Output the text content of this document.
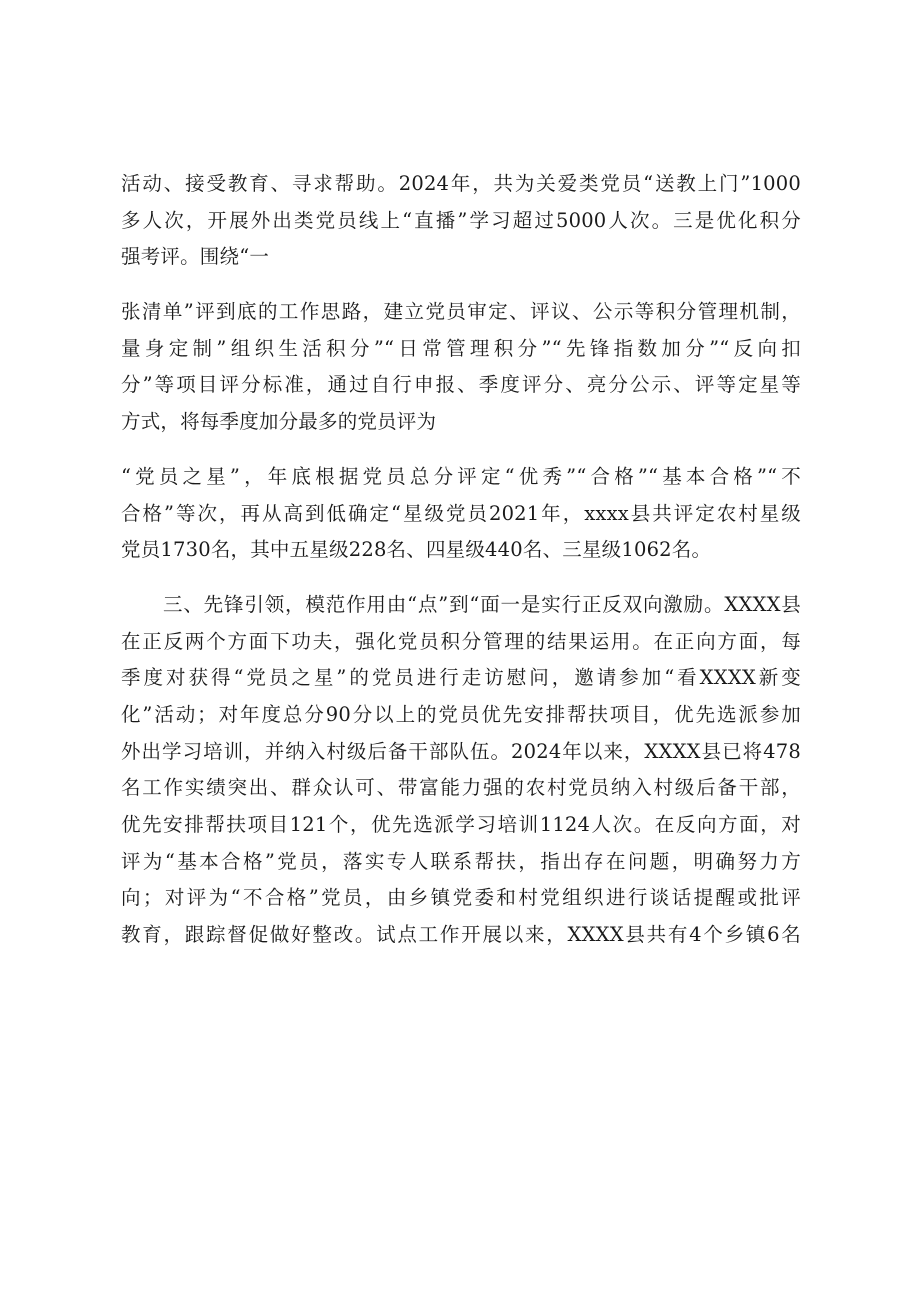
活动、接受教育、寻求帮助。2024年，共为关爱类党员“送教上门”1000
多人次，开展外出类党员线上“直播”学习超过5000人次。三是优化积分
强考评。围绕“一
张清单”评到底的工作思路，建立党员审定、评议、公示等积分管理机制，
量身定制”组织生活积分”“日常管理积分”“先锋指数加分”“反向扣
分”等项目评分标准，通过自行申报、季度评分、亮分公示、评等定星等
方式，将每季度加分最多的党员评为
“党员之星”，年底根据党员总分评定“优秀”“合格”“基本合格”“不
合格”等次，再从高到低确定“星级党员2021年，xxxx县共评定农村星级
党员1730名，其中五星级228名、四星级440名、三星级1062名。
三、先锋引领，模范作用由“点”到“面一是实行正反双向激励。XXXX县
在正反两个方面下功夫，强化党员积分管理的结果运用。在正向方面，每
季度对获得“党员之星”的党员进行走访慰问，邀请参加“看XXXX新变
化”活动；对年度总分90分以上的党员优先安排帮扶项目，优先选派参加
外出学习培训，并纳入村级后备干部队伍。2024年以来，XXXX县已将478
名工作实绩突出、群众认可、带富能力强的农村党员纳入村级后备干部，
优先安排帮扶项目121个，优先选派学习培训1124人次。在反向方面，对
评为“基本合格”党员，落实专人联系帮扶，指出存在问题，明确努力方
向；对评为“不合格”党员，由乡镇党委和村党组织进行谈话提醒或批评
教育，跟踪督促做好整改。试点工作开展以来，XXXX县共有4个乡镇6名
